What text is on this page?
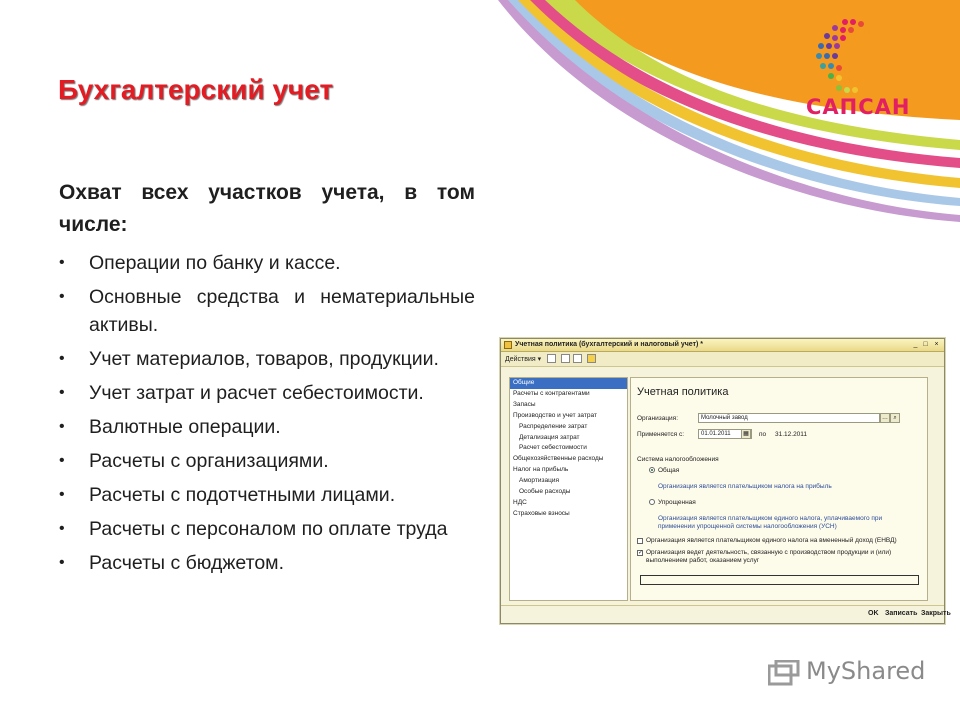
САПСАН
Бухгалтерский учет

Охват всех участков учета, в том числе:

• Операции по банку и кассе.
• Основные средства и нематериальные активы.
• Учет материалов, товаров, продукции.
• Учет затрат и расчет себестоимости.
• Валютные операции.
• Расчеты с организациями.
• Расчеты с подотчетными лицами.
• Расчеты с персоналом по оплате труда
• Расчеты с бюджетом.
Учетная политика (бухгалтерский и налоговый учет) *	_ □ ×
Действия ▾
Общие
Расчеты с контрагентами
Запасы
Производство и учет затрат
Распределение затрат
Детализация затрат
Расчет себестоимости
Общехозяйственные расходы
Налог на прибыль
Амортизация
Особые расходы
НДС
Страховые взносы
Учетная политика
Организация:	Молочный завод	… ⌕
Применяется с:	01.01.2011	▦	по 31.12.2011
Система налогообложения
Общая
Организация является плательщиком налога на прибыль
Упрощенная
Организация является плательщиком единого налога, уплачиваемого при
применении упрощенной системы налогообложения (УСН)
Организация является плательщиком единого налога на вмененный доход (ЕНВД)
✓ Организация ведет деятельность, связанную с производством продукции и (или)
выполнением работ, оказанием услуг
OK Записать Закрыть
MyShared
